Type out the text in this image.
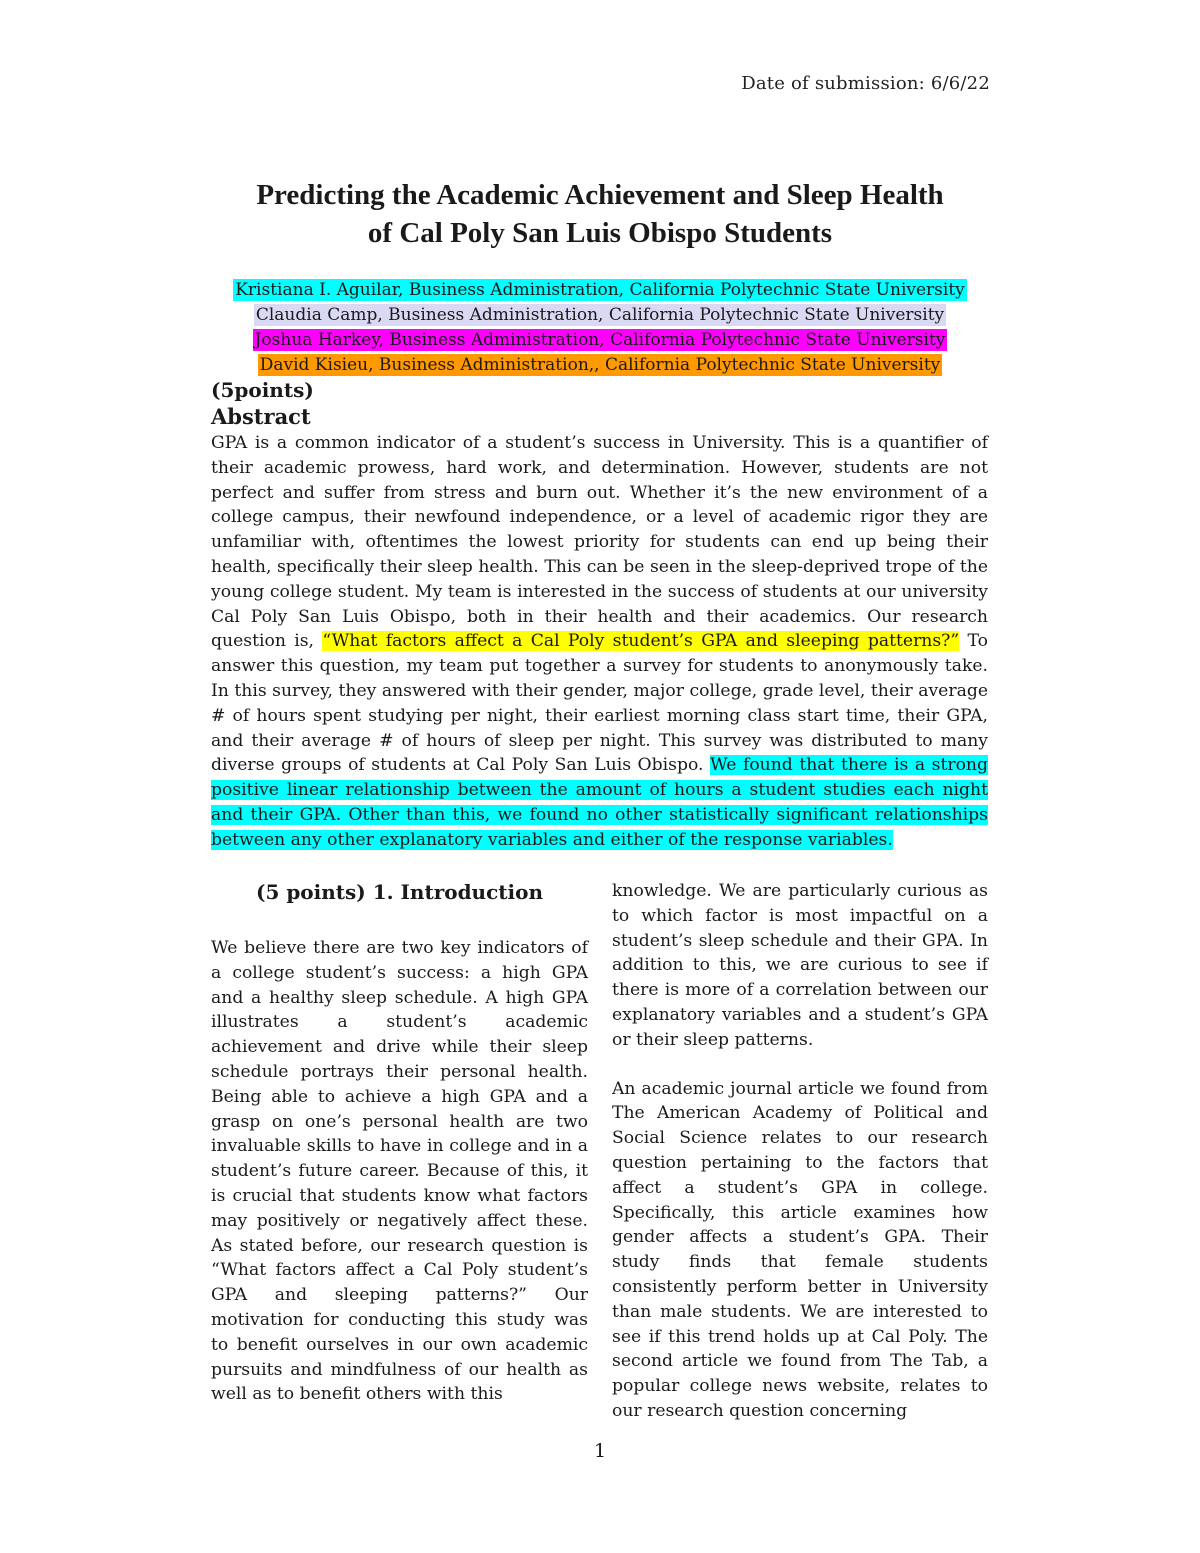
Date of submission: 6/6/22
Predicting the Academic Achievement and Sleep Health
of Cal Poly San Luis Obispo Students
Kristiana I. Aguilar, Business Administration, California Polytechnic State University
Claudia Camp, Business Administration, California Polytechnic State University
Joshua Harkey, Business Administration, California Polytechnic State University
David Kisieu, Business Administration,, California Polytechnic State University
(5points)
Abstract

GPA is a common indicator of a student’s success in University. This is a quantifier of their academic prowess, hard work, and determination. However, students are not perfect and suffer from stress and burn out. Whether it’s the new environment of a college campus, their newfound independence, or a level of academic rigor they are unfamiliar with, oftentimes the lowest priority for students can end up being their health, specifically their sleep health. This can be seen in the sleep-deprived trope of the young college student. My team is interested in the success of students at our university Cal Poly San Luis Obispo, both in their health and their academics. Our research question is, “What factors affect a Cal Poly student’s GPA and sleeping patterns?” To answer this question, my team put together a survey for students to anonymously take. In this survey, they answered with their gender, major college, grade level, their average # of hours spent studying per night, their earliest morning class start time, their GPA, and their average # of hours of sleep per night. This survey was distributed to many diverse groups of students at Cal Poly San Luis Obispo. We found that there is a strong positive linear relationship between the amount of hours a student studies each night and their GPA. Other than this, we found no other statistically significant relationships between any other explanatory variables and either of the response variables.

(5 points) 1. Introduction

We believe there are two key indicators of a college student’s success: a high GPA and a healthy sleep schedule. A high GPA illustrates a student’s academic achievement and drive while their sleep schedule portrays their personal health. Being able to achieve a high GPA and a grasp on one’s personal health are two invaluable skills to have in college and in a student’s future career. Because of this, it is crucial that students know what factors may positively or negatively affect these. As stated before, our research question is “What factors affect a Cal Poly student’s GPA and sleeping patterns?” Our motivation for conducting this study was to benefit ourselves in our own academic pursuits and mindfulness of our health as well as to benefit others with this

knowledge. We are particularly curious as to which factor is most impactful on a student’s sleep schedule and their GPA. In addition to this, we are curious to see if there is more of a correlation between our explanatory variables and a student’s GPA or their sleep patterns.

An academic journal article we found from The American Academy of Political and Social Science relates to our research question pertaining to the factors that affect a student’s GPA in college. Specifically, this article examines how gender affects a student’s GPA. Their study finds that female students consistently perform better in University than male students. We are interested to see if this trend holds up at Cal Poly. The second article we found from The Tab, a popular college news website, relates to our research question concerning

1
